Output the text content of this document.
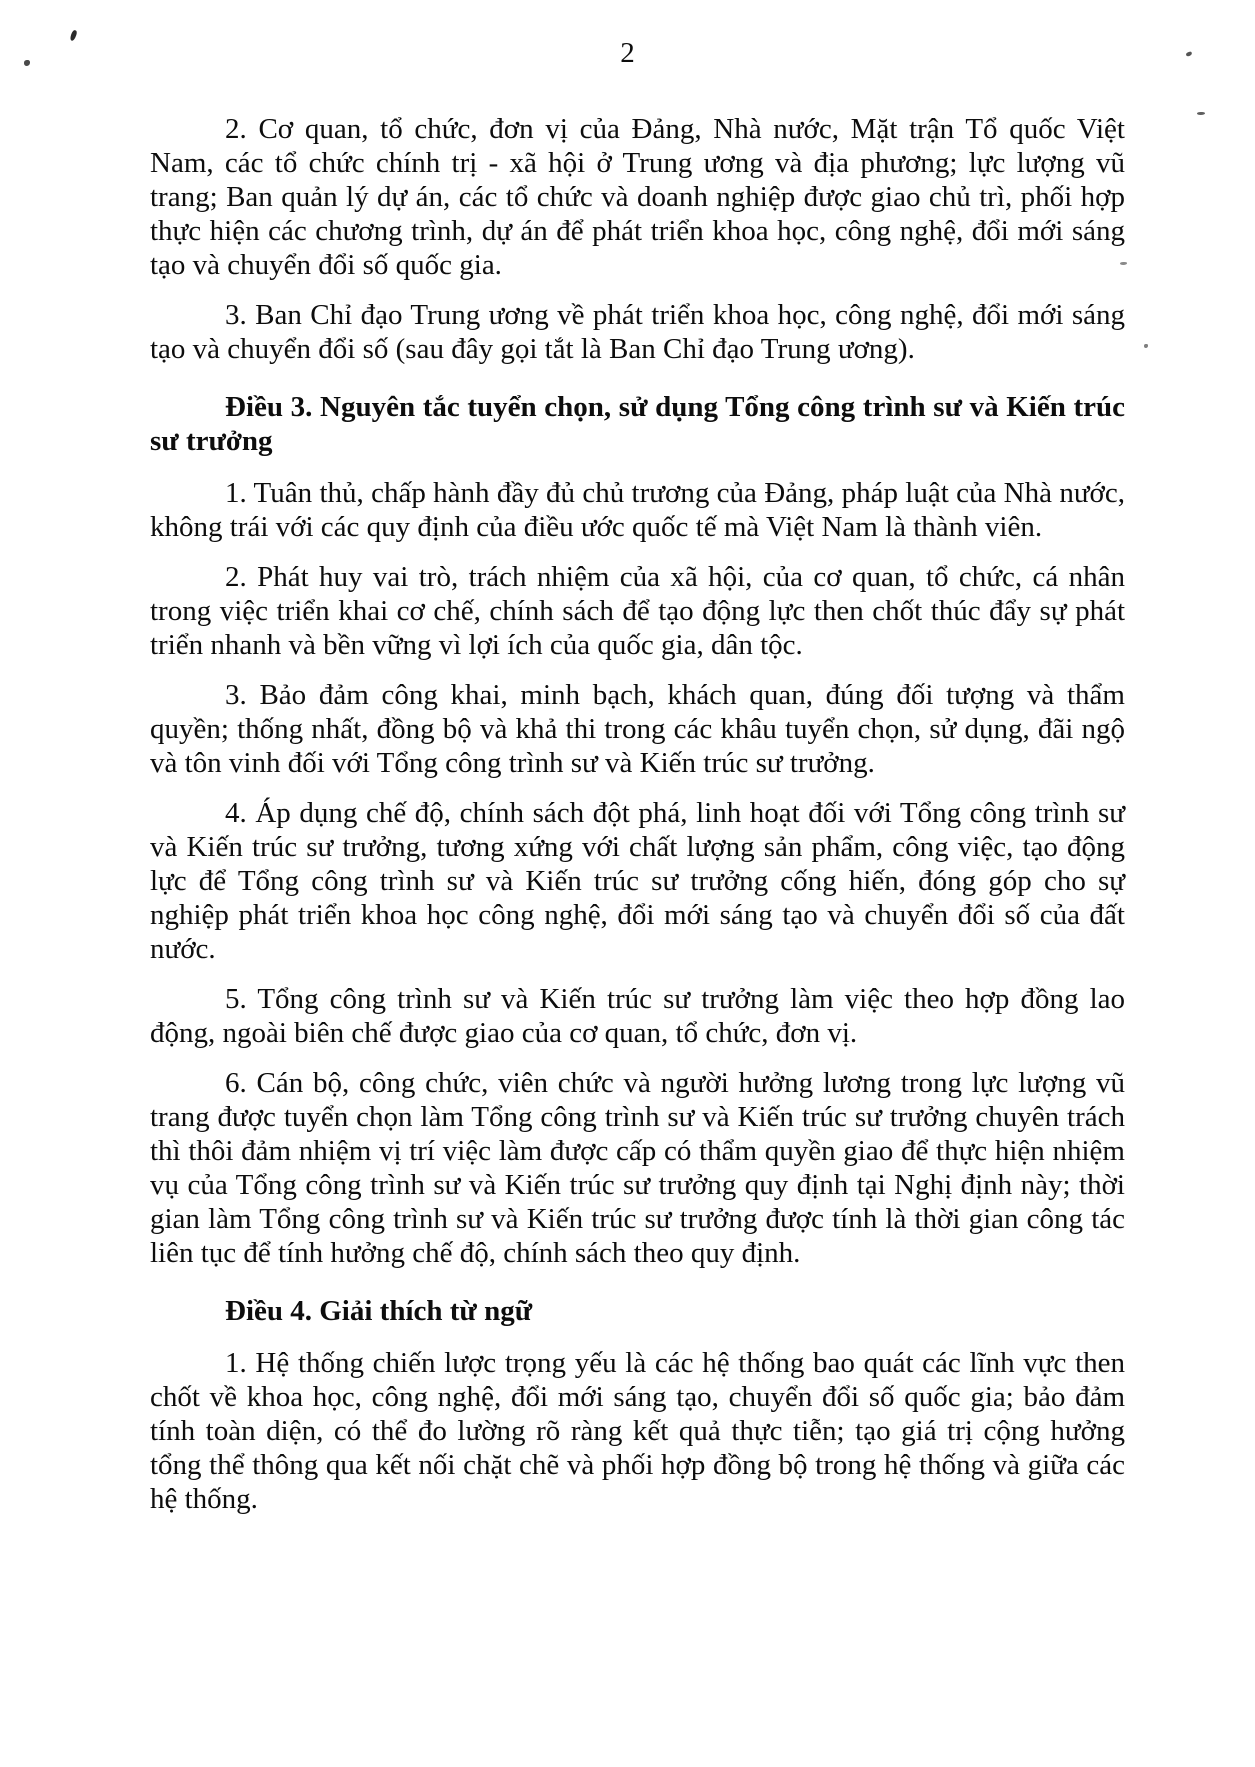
2

2. Cơ quan, tổ chức, đơn vị của Đảng, Nhà nước, Mặt trận Tổ quốc Việt Nam, các tổ chức chính trị - xã hội ở Trung ương và địa phương; lực lượng vũ trang; Ban quản lý dự án, các tổ chức và doanh nghiệp được giao chủ trì, phối hợp thực hiện các chương trình, dự án để phát triển khoa học, công nghệ, đổi mới sáng tạo và chuyển đổi số quốc gia.

3. Ban Chỉ đạo Trung ương về phát triển khoa học, công nghệ, đổi mới sáng tạo và chuyển đổi số (sau đây gọi tắt là Ban Chỉ đạo Trung ương).

Điều 3. Nguyên tắc tuyển chọn, sử dụng Tổng công trình sư và Kiến trúc sư trưởng

1. Tuân thủ, chấp hành đầy đủ chủ trương của Đảng, pháp luật của Nhà nước, không trái với các quy định của điều ước quốc tế mà Việt Nam là thành viên.

2. Phát huy vai trò, trách nhiệm của xã hội, của cơ quan, tổ chức, cá nhân trong việc triển khai cơ chế, chính sách để tạo động lực then chốt thúc đẩy sự phát triển nhanh và bền vững vì lợi ích của quốc gia, dân tộc.

3. Bảo đảm công khai, minh bạch, khách quan, đúng đối tượng và thẩm quyền; thống nhất, đồng bộ và khả thi trong các khâu tuyển chọn, sử dụng, đãi ngộ và tôn vinh đối với Tổng công trình sư và Kiến trúc sư trưởng.

4. Áp dụng chế độ, chính sách đột phá, linh hoạt đối với Tổng công trình sư và Kiến trúc sư trưởng, tương xứng với chất lượng sản phẩm, công việc, tạo động lực để Tổng công trình sư và Kiến trúc sư trưởng cống hiến, đóng góp cho sự nghiệp phát triển khoa học công nghệ, đổi mới sáng tạo và chuyển đổi số của đất nước.

5. Tổng công trình sư và Kiến trúc sư trưởng làm việc theo hợp đồng lao động, ngoài biên chế được giao của cơ quan, tổ chức, đơn vị.

6. Cán bộ, công chức, viên chức và người hưởng lương trong lực lượng vũ trang được tuyển chọn làm Tổng công trình sư và Kiến trúc sư trưởng chuyên trách thì thôi đảm nhiệm vị trí việc làm được cấp có thẩm quyền giao để thực hiện nhiệm vụ của Tổng công trình sư và Kiến trúc sư trưởng quy định tại Nghị định này; thời gian làm Tổng công trình sư và Kiến trúc sư trưởng được tính là thời gian công tác liên tục để tính hưởng chế độ, chính sách theo quy định.

Điều 4. Giải thích từ ngữ

1. Hệ thống chiến lược trọng yếu là các hệ thống bao quát các lĩnh vực then chốt về khoa học, công nghệ, đổi mới sáng tạo, chuyển đổi số quốc gia; bảo đảm tính toàn diện, có thể đo lường rõ ràng kết quả thực tiễn; tạo giá trị cộng hưởng tổng thể thông qua kết nối chặt chẽ và phối hợp đồng bộ trong hệ thống và giữa các hệ thống.
